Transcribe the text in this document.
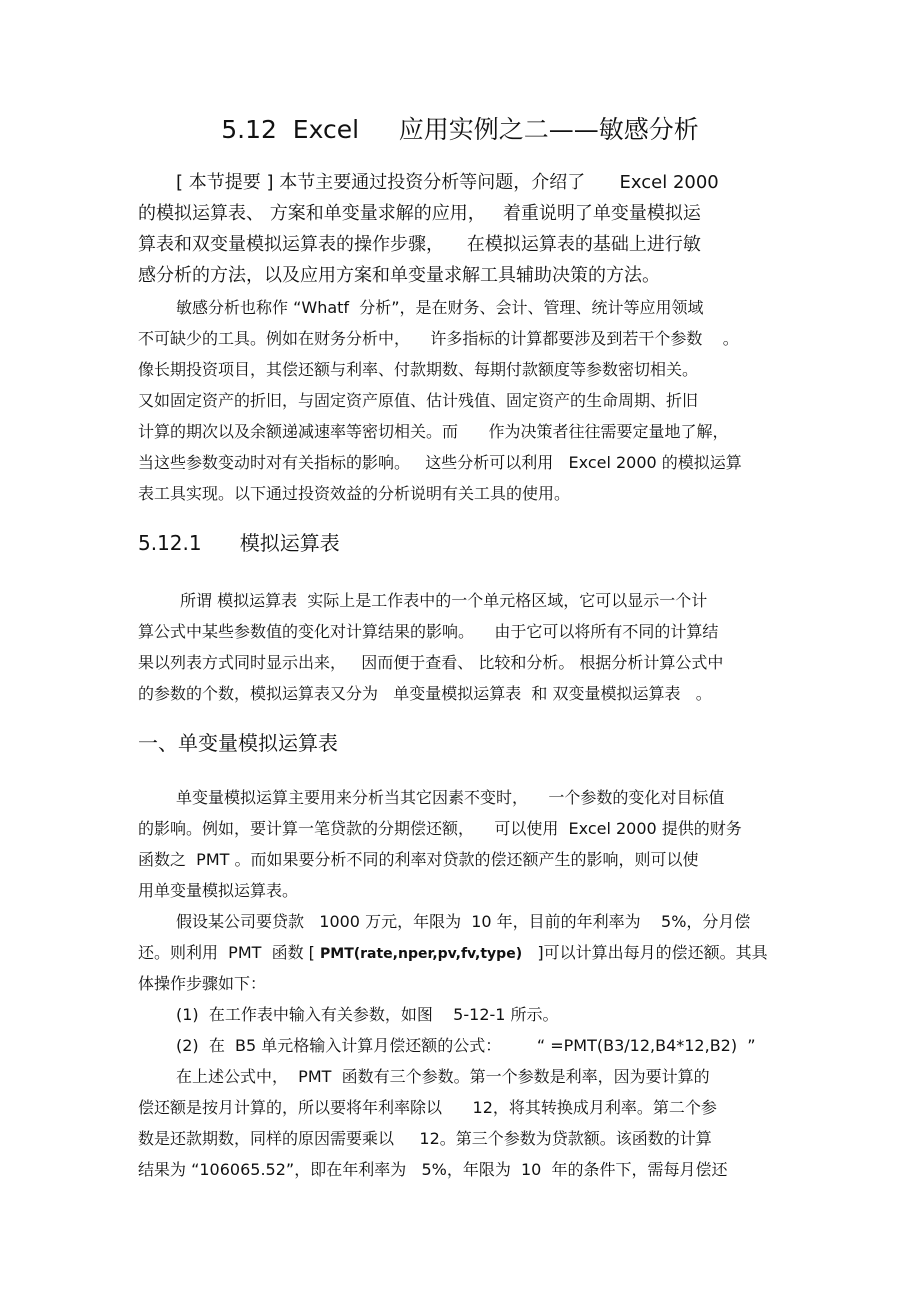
5.12  Excel     应用实例之二——敏感分析
[ 本节提要 ] 本节主要通过投资分析等问题，介绍了      Excel 2000
的模拟运算表、 方案和单变量求解的应用，   着重说明了单变量模拟运
算表和双变量模拟运算表的操作步骤，    在模拟运算表的基础上进行敏
感分析的方法，以及应用方案和单变量求解工具辅助决策的方法。
敏感分析也称作 “Whatf  分析”，是在财务、会计、管理、统计等应用领域
不可缺少的工具。例如在财务分析中，    许多指标的计算都要涉及到若干个参数    。
像长期投资项目，其偿还额与利率、付款期数、每期付款额度等参数密切相关。
又如固定资产的折旧，与固定资产原值、估计残值、固定资产的生命周期、折旧
计算的期次以及余额递减速率等密切相关。而      作为决策者往往需要定量地了解，
当这些参数变动时对有关指标的影响。   这些分析可以利用   Excel 2000 的模拟运算
表工具实现。以下通过投资效益的分析说明有关工具的使用。
5.12.1      模拟运算表
所谓 模拟运算表  实际上是工作表中的一个单元格区域，它可以显示一个计
算公式中某些参数值的变化对计算结果的影响。    由于它可以将所有不同的计算结
果以列表方式同时显示出来，   因而便于查看、 比较和分析。 根据分析计算公式中
的参数的个数，模拟运算表又分为   单变量模拟运算表  和 双变量模拟运算表   。
一、单变量模拟运算表
单变量模拟运算主要用来分析当其它因素不变时，    一个参数的变化对目标值
的影响。例如，要计算一笔贷款的分期偿还额，    可以使用  Excel 2000 提供的财务
函数之  PMT 。而如果要分析不同的利率对贷款的偿还额产生的影响，则可以使
用单变量模拟运算表。
假设某公司要贷款   1000 万元，年限为  10 年，目前的年利率为    5%，分月偿
还。则利用  PMT  函数 [ PMT(rate,nper,pv,fv,type)   ]可以计算出每月的偿还额。其具
体操作步骤如下：
(1)  在工作表中输入有关参数，如图    5-12-1 所示。
(2)  在  B5 单元格输入计算月偿还额的公式：       “ =PMT(B3/12,B4*12,B2)  ”
在上述公式中，  PMT  函数有三个参数。第一个参数是利率，因为要计算的
偿还额是按月计算的，所以要将年利率除以      12，将其转换成月利率。第二个参
数是还款期数，同样的原因需要乘以     12。第三个参数为贷款额。该函数的计算
结果为 “106065.52”，即在年利率为   5%，年限为  10  年的条件下，需每月偿还
